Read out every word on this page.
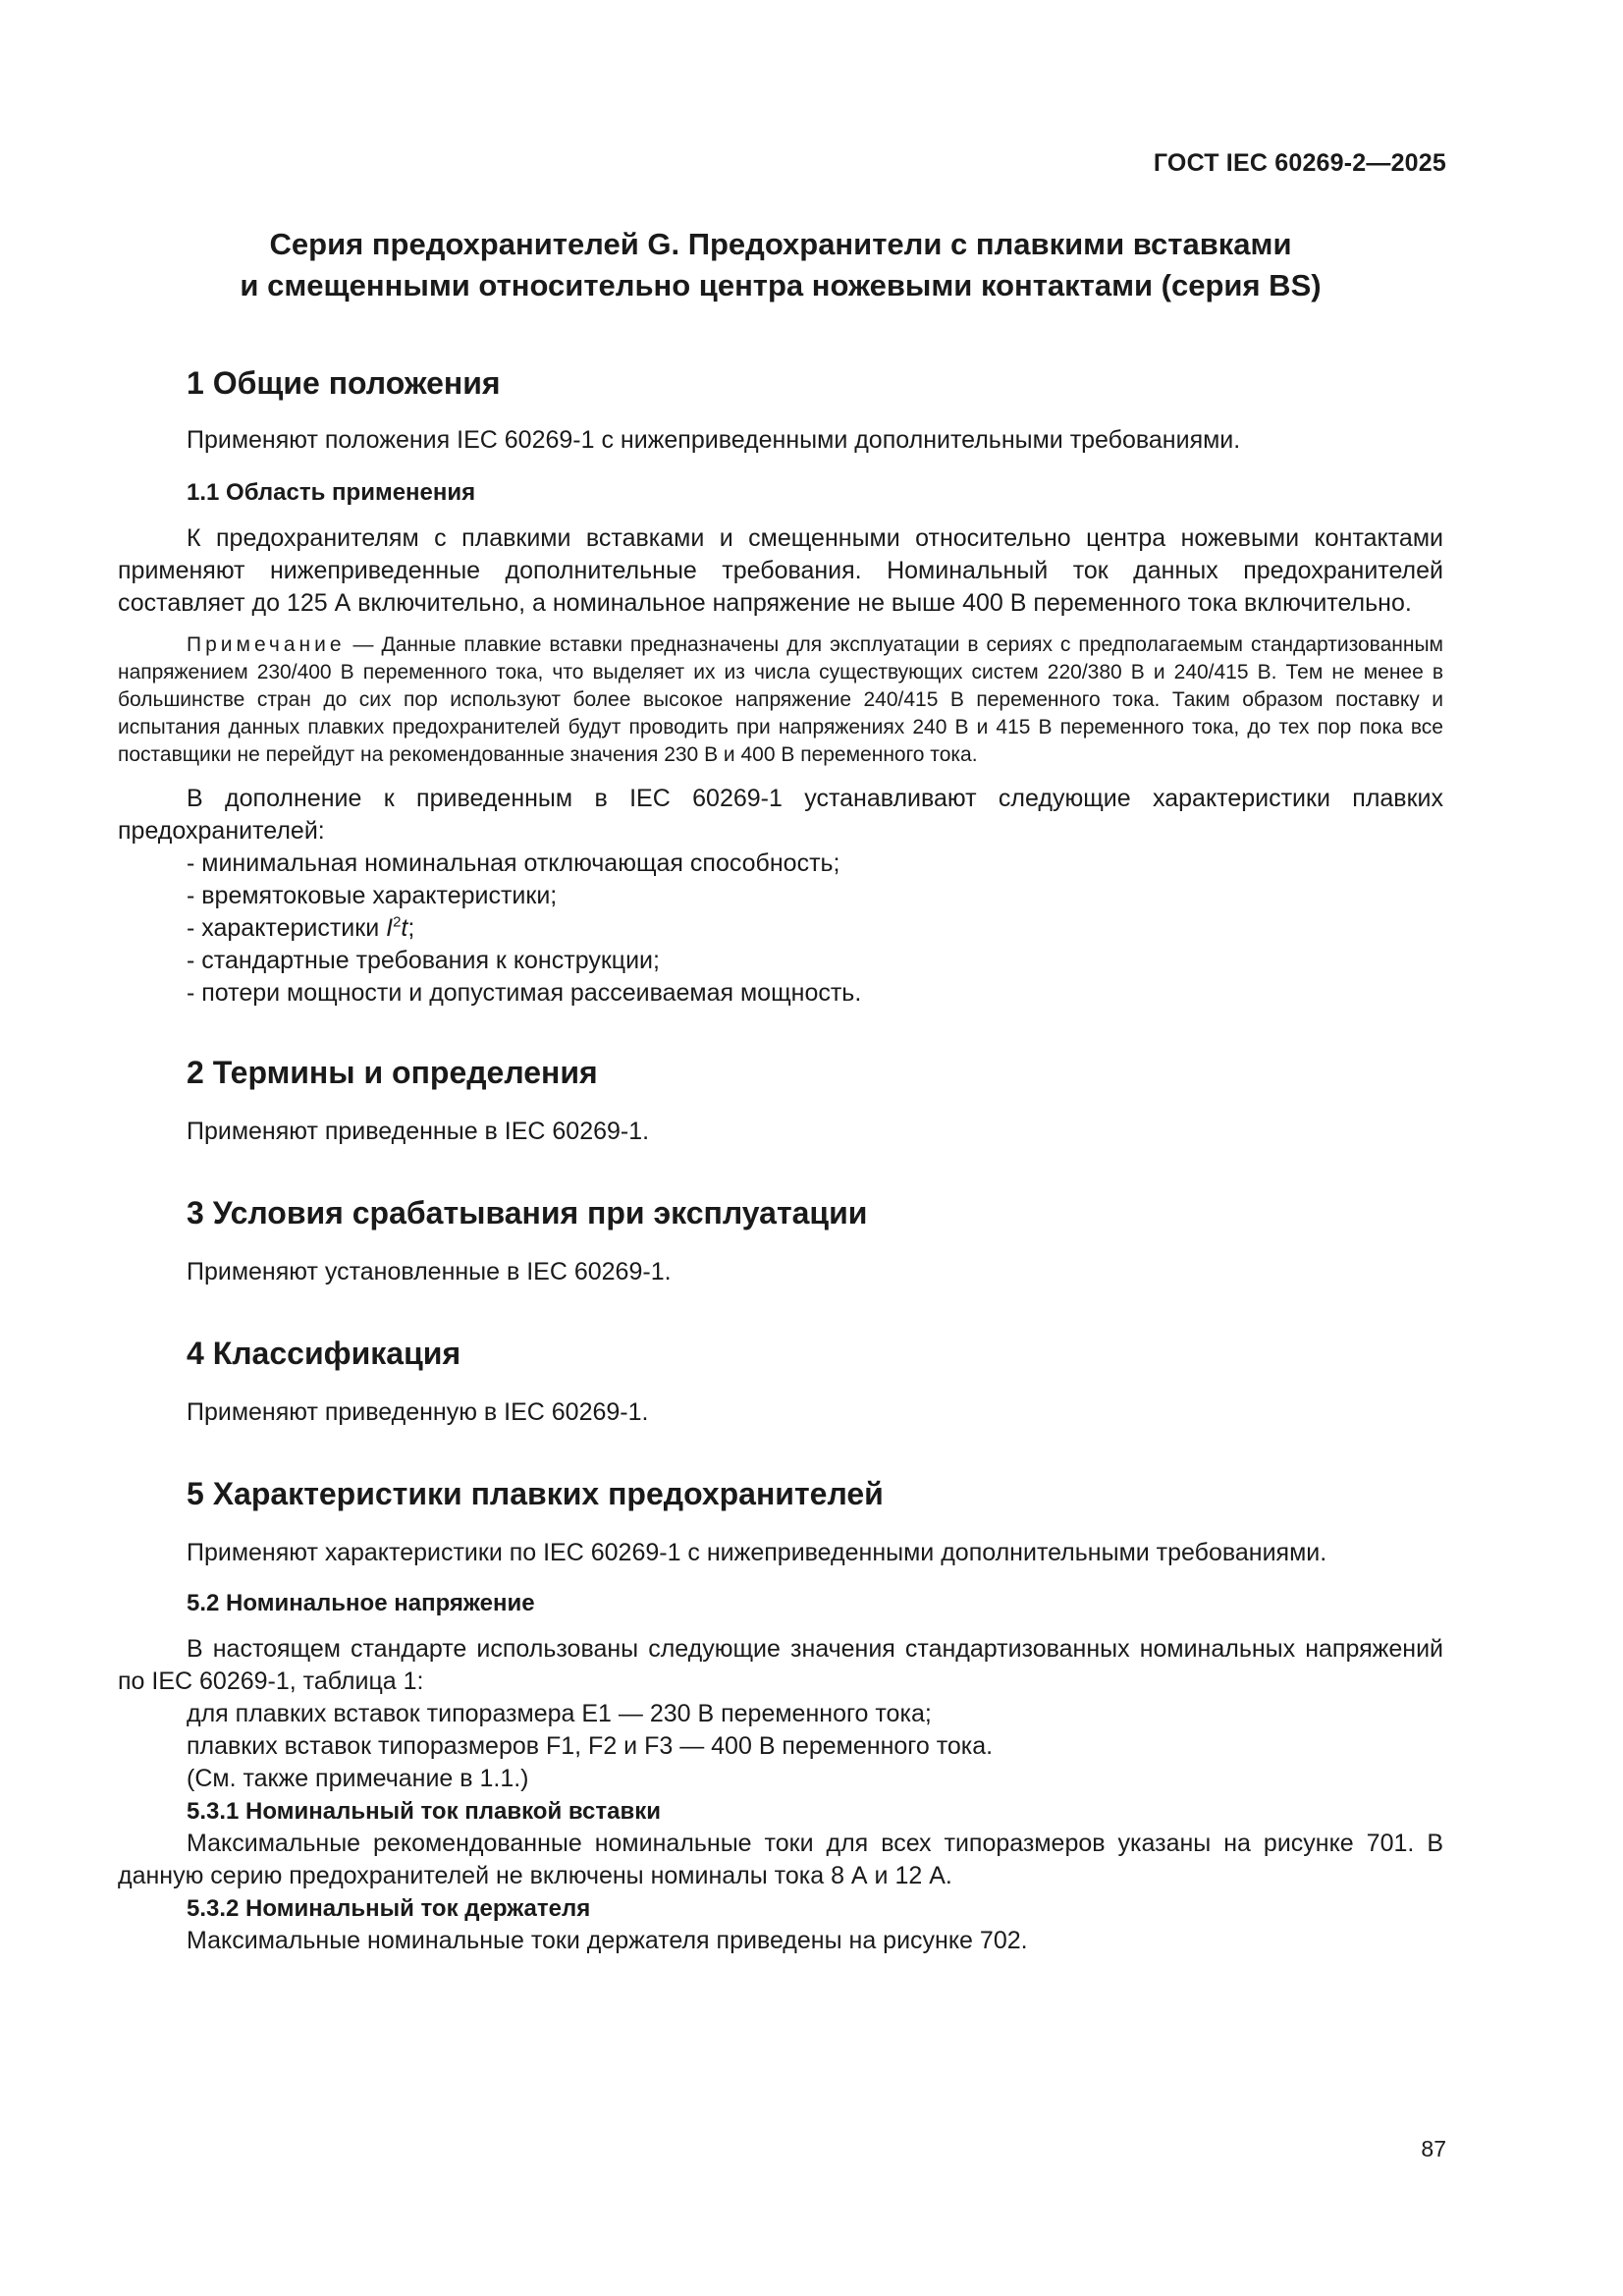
ГОСТ IEC 60269-2—2025
Серия предохранителей G. Предохранители с плавкими вставками
и смещенными относительно центра ножевыми контактами (серия BS)
1 Общие положения

Применяют положения IEC 60269-1 с нижеприведенными дополнительными требованиями.

1.1 Область применения

К предохранителям с плавкими вставками и смещенными относительно центра ножевыми контактами применяют нижеприведенные дополнительные требования. Номинальный ток данных предохранителей составляет до 125 А включительно, а номинальное напряжение не выше 400 В переменного тока включительно.

Примечание — Данные плавкие вставки предназначены для эксплуатации в сериях с предполагаемым стандартизованным напряжением 230/400 В переменного тока, что выделяет их из числа существующих систем 220/380 В и 240/415 В. Тем не менее в большинстве стран до сих пор используют более высокое напряжение 240/415 В переменного тока. Таким образом поставку и испытания данных плавких предохранителей будут проводить при напряжениях 240 В и 415 В переменного тока, до тех пор пока все поставщики не перейдут на рекомендованные значения 230 В и 400 В переменного тока.

В дополнение к приведенным в IEC 60269-1 устанавливают следующие характеристики плавких предохранителей:

- минимальная номинальная отключающая способность;

- времятоковые характеристики;

- характеристики $I^2t$;

- стандартные требования к конструкции;

- потери мощности и допустимая рассеиваемая мощность.

2 Термины и определения

Применяют приведенные в IEC 60269-1.

3 Условия срабатывания при эксплуатации

Применяют установленные в IEC 60269-1.

4 Классификация

Применяют приведенную в IEC 60269-1.

5 Характеристики плавких предохранителей

Применяют характеристики по IEC 60269-1 с нижеприведенными дополнительными требованиями.

5.2 Номинальное напряжение

В настоящем стандарте использованы следующие значения стандартизованных номинальных напряжений по IEC 60269-1, таблица 1:

для плавких вставок типоразмера E1 — 230 В переменного тока;

плавких вставок типоразмеров F1, F2 и F3 — 400 В переменного тока.

(См. также примечание в 1.1.)

5.3.1 Номинальный ток плавкой вставки

Максимальные рекомендованные номинальные токи для всех типоразмеров указаны на рисунке 701. В данную серию предохранителей не включены номиналы тока 8 А и 12 А.

5.3.2 Номинальный ток держателя

Максимальные номинальные токи держателя приведены на рисунке 702.

87
